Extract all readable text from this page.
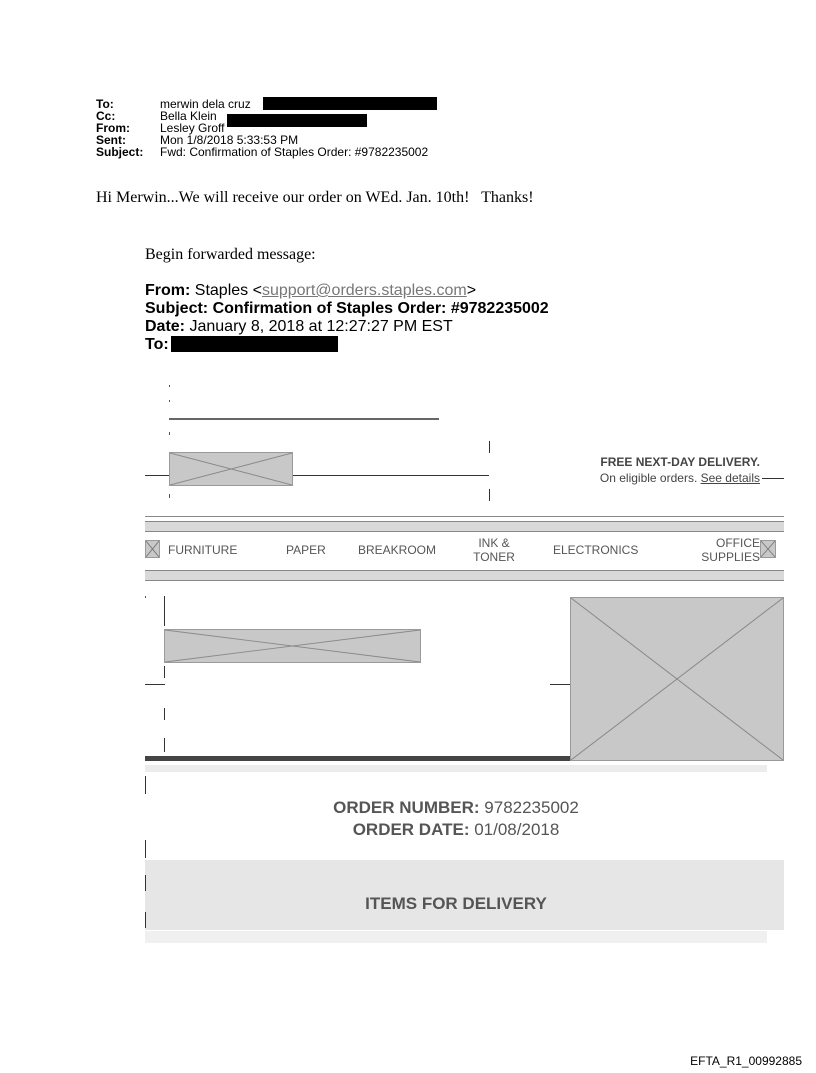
To:	merwin dela cruz
Cc:	Bella Klein
From:	Lesley Groff
Sent:	Mon 1/8/2018 5:33:53 PM
Subject: Fwd: Confirmation of Staples Order: #9782235002
Hi Merwin...We will receive our order on WEd. Jan. 10th!   Thanks!
Begin forwarded message:
From: Staples <support@orders.staples.com>
Subject: Confirmation of Staples Order: #9782235002
Date: January 8, 2018 at 12:27:27 PM EST
To:
FREE NEXT-DAY DELIVERY.
On eligible orders. See details
FURNITURE	PAPER	BREAKROOM	INK &
TONER	ELECTRONICS	OFFICE
SUPPLIES
ORDER NUMBER: 9782235002
ORDER DATE: 01/08/2018
ITEMS FOR DELIVERY
EFTA_R1_00992885
